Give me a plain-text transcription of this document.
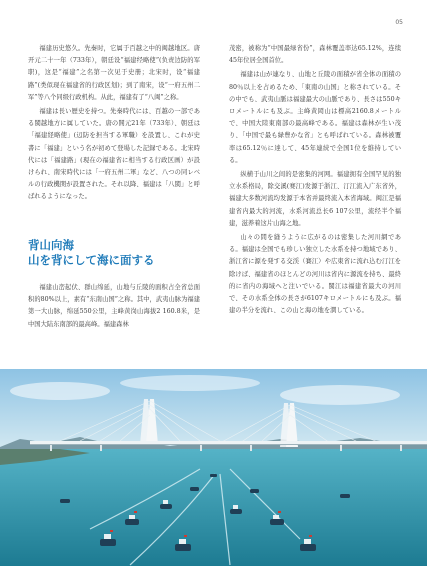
05

福建历史悠久。先秦时，它属于百越之中的闽越地区。唐开元二十一年（733年），朝廷设“福建经略使”(负责边防的军职)，这是“福建”之名第一次见于史册；北宋时，设“福建路”(类似现在福建省的行政区划)；到了南宋，设“一府五州二军”等八个同级行政机构。从此，福建有了“八闽”之称。

福建は長い歴史を持つ。先秦時代には、百越の一部である閩越地方に属していた。唐の開元21年（733年）、朝廷は「福建経略使」(辺防を担当する軍職）を設置し、これが史書に「福建」という名が初めて登場した記録である。北宋時代には「福建路」(現在の福建省に相当する行政区画）が設けられ、南宋時代には「一府五州二軍」など、八つの同レベルの行政機関が設置された。それ以降、福建は「八閩」と呼ばれるようになった。

背山向海
山を背にして海に面する

福建山峦起伏、群山绵延，山地与丘陵的面积占全省总面积的80%以上，素有“东南山国”之称。其中，武夷山脉为福建第一大山脉，绵延550公里，主峰黄岗山海拔2 160.8米，是中国大陆东南部的最高峰。福建森林

茂密，被称为“中国最绿省份”，森林覆盖率达65.12%，连续45年位居全国首位。

福建は山が連なり、山地と丘陵の面積が省全体の面積の80％以上を占めるため、「東南の山国」と称されている。その中でも、武夷山脈は福建最大の山脈であり、長さは550キロメートルにも及ぶ。主峰黄岡山は標高2160.8メートルで、中国大陸東南部の最高峰である。福建は森林が生い茂り、「中国で最も緑豊かな省」とも呼ばれている。森林被覆率は65.12％に達して、45年連続で全国1位を維持している。

纵横于山川之间的是密集的河网。福建拥有全国罕见的独立水系格局，除交溪(赛江)发源于浙江、汀江流入广东省外，福建大多数河流均发源于本省并最终流入本省海域。闽江是福建省内最大的河流，水系河流总长6 107公里，流经半个福建，滋养着这片山海之地。

山々の間を縫うように広がるのは密集した河川網である。福建は全国でも珍しい独立した水系を持つ地域であり、浙江省に源を発する交渓（賽江）や広東省に流れ込む汀江を除けば、福建省のほとんどの河川は省内に源流を持ち、最終的に省内の海域へと注いでいる。閩江は福建省最大の河川で、その水系全体の長さが6107キロメートルにも及ぶ。福建の半分を流れ、この山と海の地を潤している。
